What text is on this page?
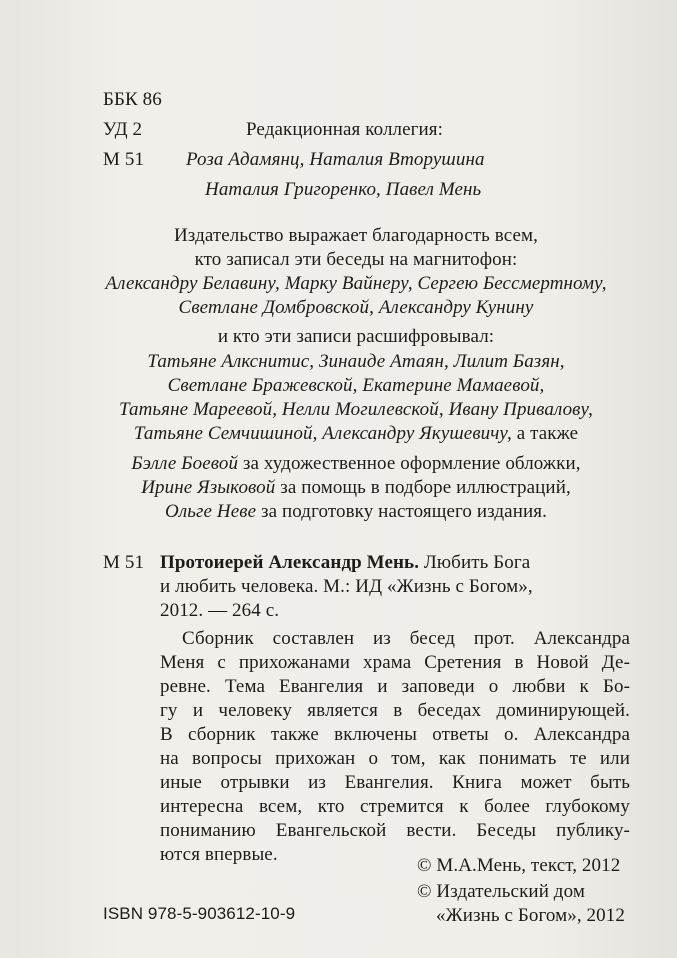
ББК 86
УД 2
М 51
Редакционная коллегия:
Роза Адамянц, Наталия Вторушина
Наталия Григоренко, Павел Мень
Издательство выражает благодарность всем,
кто записал эти беседы на магнитофон:
Александру Белавину, Марку Вайнеру, Сергею Бессмертному,
Светлане Домбровской, Александру Кунину
и кто эти записи расшифровывал:
Татьяне Алкснитис, Зинаиде Атаян, Лилит Базян,
Светлане Бражевской, Екатерине Мамаевой,
Татьяне Мареевой, Нелли Могилевской, Ивану Привалову,
Татьяне Семчишиной, Александру Якушевичу, а также
Бэлле Боевой за художественное оформление обложки,
Ирине Языковой за помощь в подборе иллюстраций,
Ольге Неве за подготовку настоящего издания.
М 51 Протоиерей Александр Мень. Любить Бога
и любить человека. М.: ИД «Жизнь с Богом»,
2012. — 264 с.
Сборник составлен из бесед прот. Александра
Меня с прихожанами храма Сретения в Новой Де-
ревне. Тема Евангелия и заповеди о любви к Бо-
гу и человеку является в беседах доминирующей.
В сборник также включены ответы о. Александра
на вопросы прихожан о том, как понимать те или
иные отрывки из Евангелия. Книга может быть
интересна всем, кто стремится к более глубокому
пониманию Евангельской вести. Беседы публику-
ются впервые.
© М.А.Мень, текст, 2012
© Издательский дом
«Жизнь с Богом», 2012
ISBN 978-5-903612-10-9
